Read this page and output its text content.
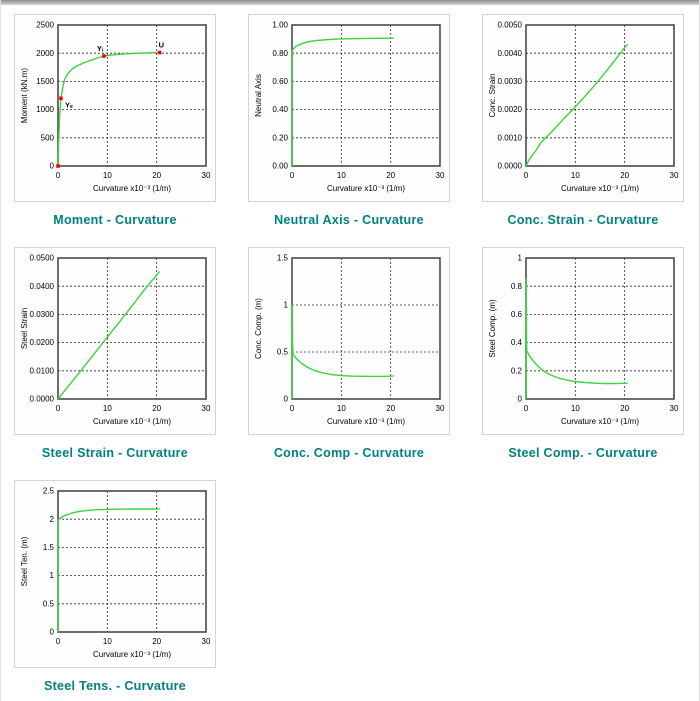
Yₑ
Yᵢ	U
0
500
1000
1500
2000
2500
0	10	20	30
Curvature x10⁻³ (1/m)
Moment (kN.m)
Moment - Curvature
0.00
0.20
0.40
0.60
0.80
1.00
0	10	20	30
Curvature x10⁻³ (1/m)
Neutral Axis
Neutral Axis - Curvature
0.0000
0.0010
0.0020
0.0030
0.0040
0.0050
0	10	20	30
Curvature x10⁻³ (1/m)
Conc. Strain
Conc. Strain - Curvature
0.0000
0.0100
0.0200
0.0300
0.0400
0.0500
0	10	20	30
Curvature x10⁻³ (1/m)
Steel Strain
Steel Strain - Curvature
0
0.5
1
1.5
0	10	20	30
Curvature x10⁻³ (1/m)
Conc. Comp. (m)
Conc. Comp - Curvature
0
0.2
0.4
0.6
0.8
1
0	10	20	30
Curvature x10⁻³ (1/m)
Steel Comp. (m)
Steel Comp. - Curvature
0
0.5
1
1.5
2
2.5
0	10	20	30
Curvature x10⁻³ (1/m)
Steel Ten. (m)
Steel Tens. - Curvature
